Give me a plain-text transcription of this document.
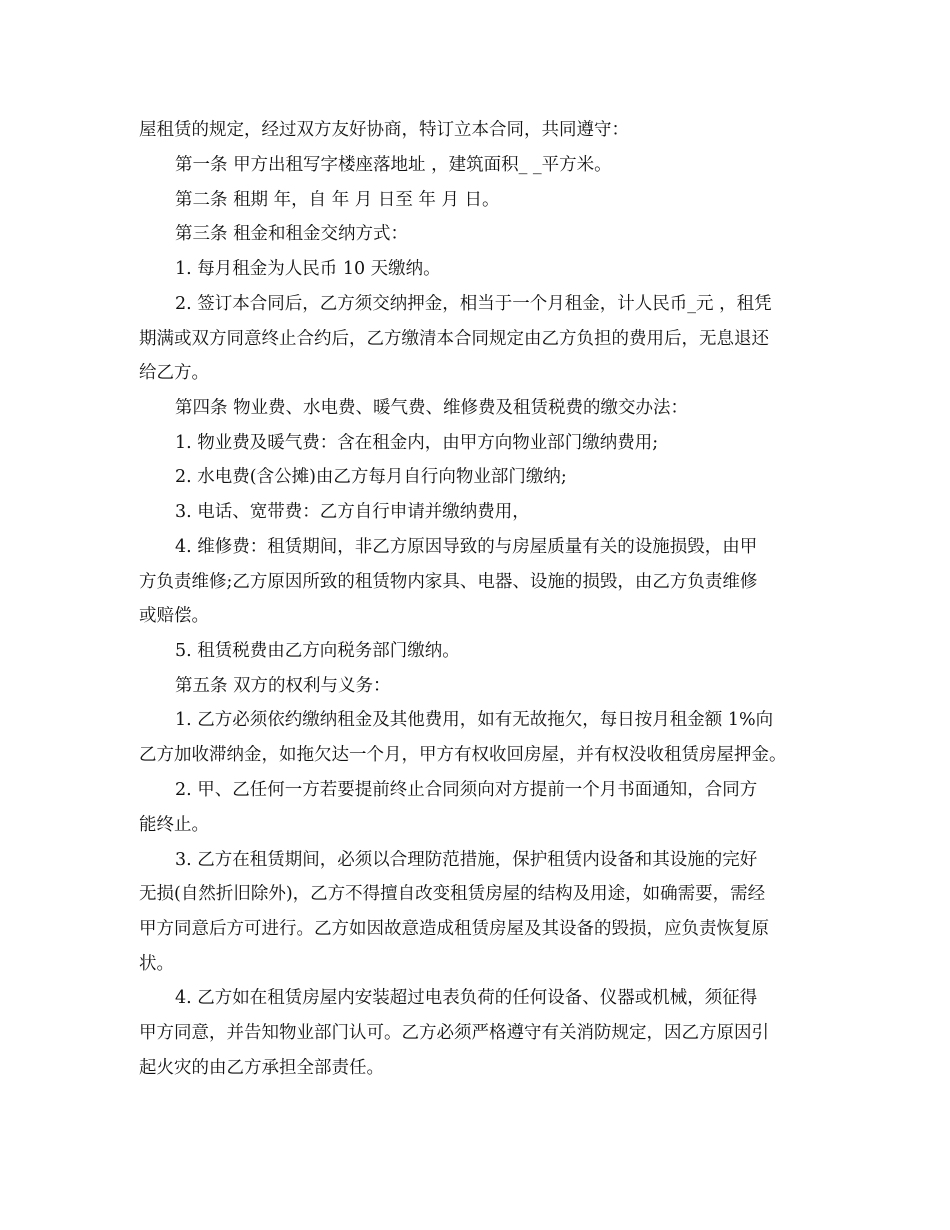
屋租赁的规定，经过双方友好协商，特订立本合同，共同遵守：
第一条 甲方出租写字楼座落地址 ，建筑面积_ _平方米。
第二条 租期 年，自 年 月 日至 年 月 日。
第三条 租金和租金交纳方式：
1. 每月租金为人民币 10 天缴纳。
2. 签订本合同后，乙方须交纳押金，相当于一个月租金，计人民币_元 ，租凭
期满或双方同意终止合约后，乙方缴清本合同规定由乙方负担的费用后，无息退还
给乙方。
第四条 物业费、水电费、暖气费、维修费及租赁税费的缴交办法：
1. 物业费及暖气费：含在租金内，由甲方向物业部门缴纳费用;
2. 水电费(含公摊)由乙方每月自行向物业部门缴纳;
3. 电话、宽带费：乙方自行申请并缴纳费用，
4. 维修费：租赁期间，非乙方原因导致的与房屋质量有关的设施损毁，由甲
方负责维修;乙方原因所致的租赁物内家具、电器、设施的损毁，由乙方负责维修
或赔偿。
5. 租赁税费由乙方向税务部门缴纳。
第五条 双方的权利与义务：
1. 乙方必须依约缴纳租金及其他费用，如有无故拖欠，每日按月租金额 1%向
乙方加收滞纳金，如拖欠达一个月，甲方有权收回房屋，并有权没收租赁房屋押金。
2. 甲、乙任何一方若要提前终止合同须向对方提前一个月书面通知，合同方
能终止。
3. 乙方在租赁期间，必须以合理防范措施，保护租赁内设备和其设施的完好
无损(自然折旧除外)，乙方不得擅自改变租赁房屋的结构及用途，如确需要，需经
甲方同意后方可进行。乙方如因故意造成租赁房屋及其设备的毁损，应负责恢复原
状。
4. 乙方如在租赁房屋内安装超过电表负荷的任何设备、仪器或机械，须征得
甲方同意，并告知物业部门认可。乙方必须严格遵守有关消防规定，因乙方原因引
起火灾的由乙方承担全部责任。
